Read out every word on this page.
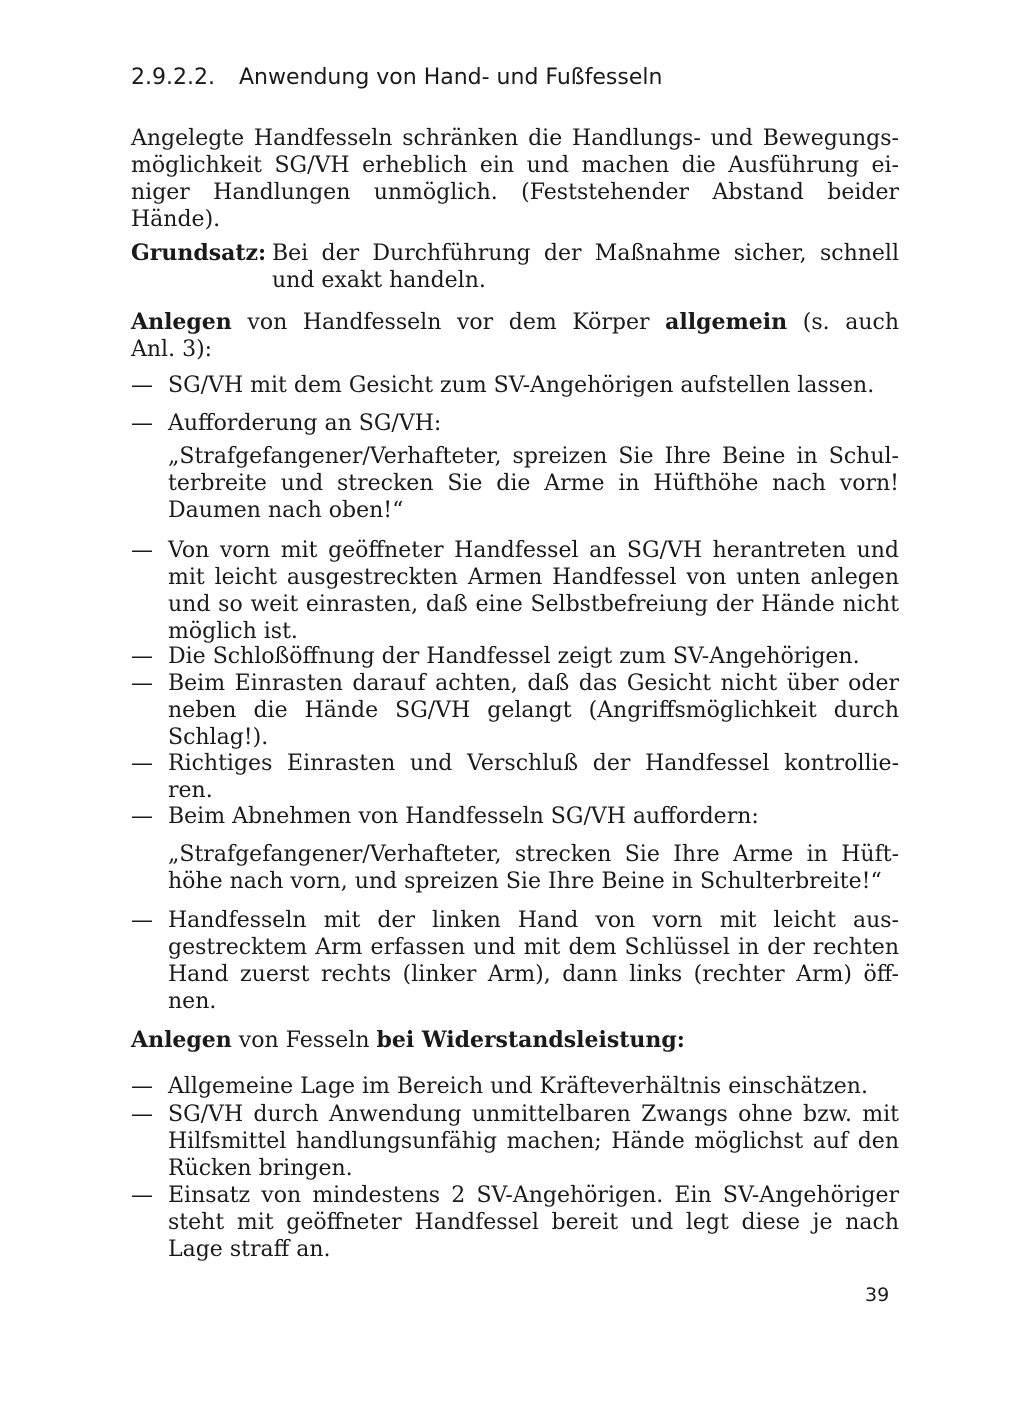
2.9.2.2. Anwendung von Hand- und Fußfesseln
Angelegte Handfesseln schränken die Handlungs- und Bewegungs-
möglichkeit SG/VH erheblich ein und machen die Ausführung ei-
niger Handlungen unmöglich. (Feststehender Abstand beider
Hände).
Grundsatz: Bei der Durchführung der Maßnahme sicher, schnell
und exakt handeln.
Anlegen von Handfesseln vor dem Körper allgemein (s. auch
Anl. 3):
— SG/VH mit dem Gesicht zum SV-Angehörigen aufstellen lassen.
— Aufforderung an SG/VH:
„Strafgefangener/Verhafteter, spreizen Sie Ihre Beine in Schul-
terbreite und strecken Sie die Arme in Hüfthöhe nach vorn!
Daumen nach oben!“
— Von vorn mit geöffneter Handfessel an SG/VH herantreten und
mit leicht ausgestreckten Armen Handfessel von unten anlegen
und so weit einrasten, daß eine Selbstbefreiung der Hände nicht
möglich ist.
— Die Schloßöffnung der Handfessel zeigt zum SV-Angehörigen.
— Beim Einrasten darauf achten, daß das Gesicht nicht über oder
neben die Hände SG/VH gelangt (Angriffsmöglichkeit durch
Schlag!).
— Richtiges Einrasten und Verschluß der Handfessel kontrollie-
ren.
— Beim Abnehmen von Handfesseln SG/VH auffordern:
„Strafgefangener/Verhafteter, strecken Sie Ihre Arme in Hüft-
höhe nach vorn, und spreizen Sie Ihre Beine in Schulterbreite!“
— Handfesseln mit der linken Hand von vorn mit leicht aus-
gestrecktem Arm erfassen und mit dem Schlüssel in der rechten
Hand zuerst rechts (linker Arm), dann links (rechter Arm) öff-
nen.
Anlegen von Fesseln bei Widerstandsleistung:
— Allgemeine Lage im Bereich und Kräfteverhältnis einschätzen.
— SG/VH durch Anwendung unmittelbaren Zwangs ohne bzw. mit
Hilfsmittel handlungsunfähig machen; Hände möglichst auf den
Rücken bringen.
— Einsatz von mindestens 2 SV-Angehörigen. Ein SV-Angehöriger
steht mit geöffneter Handfessel bereit und legt diese je nach
Lage straff an.
39
